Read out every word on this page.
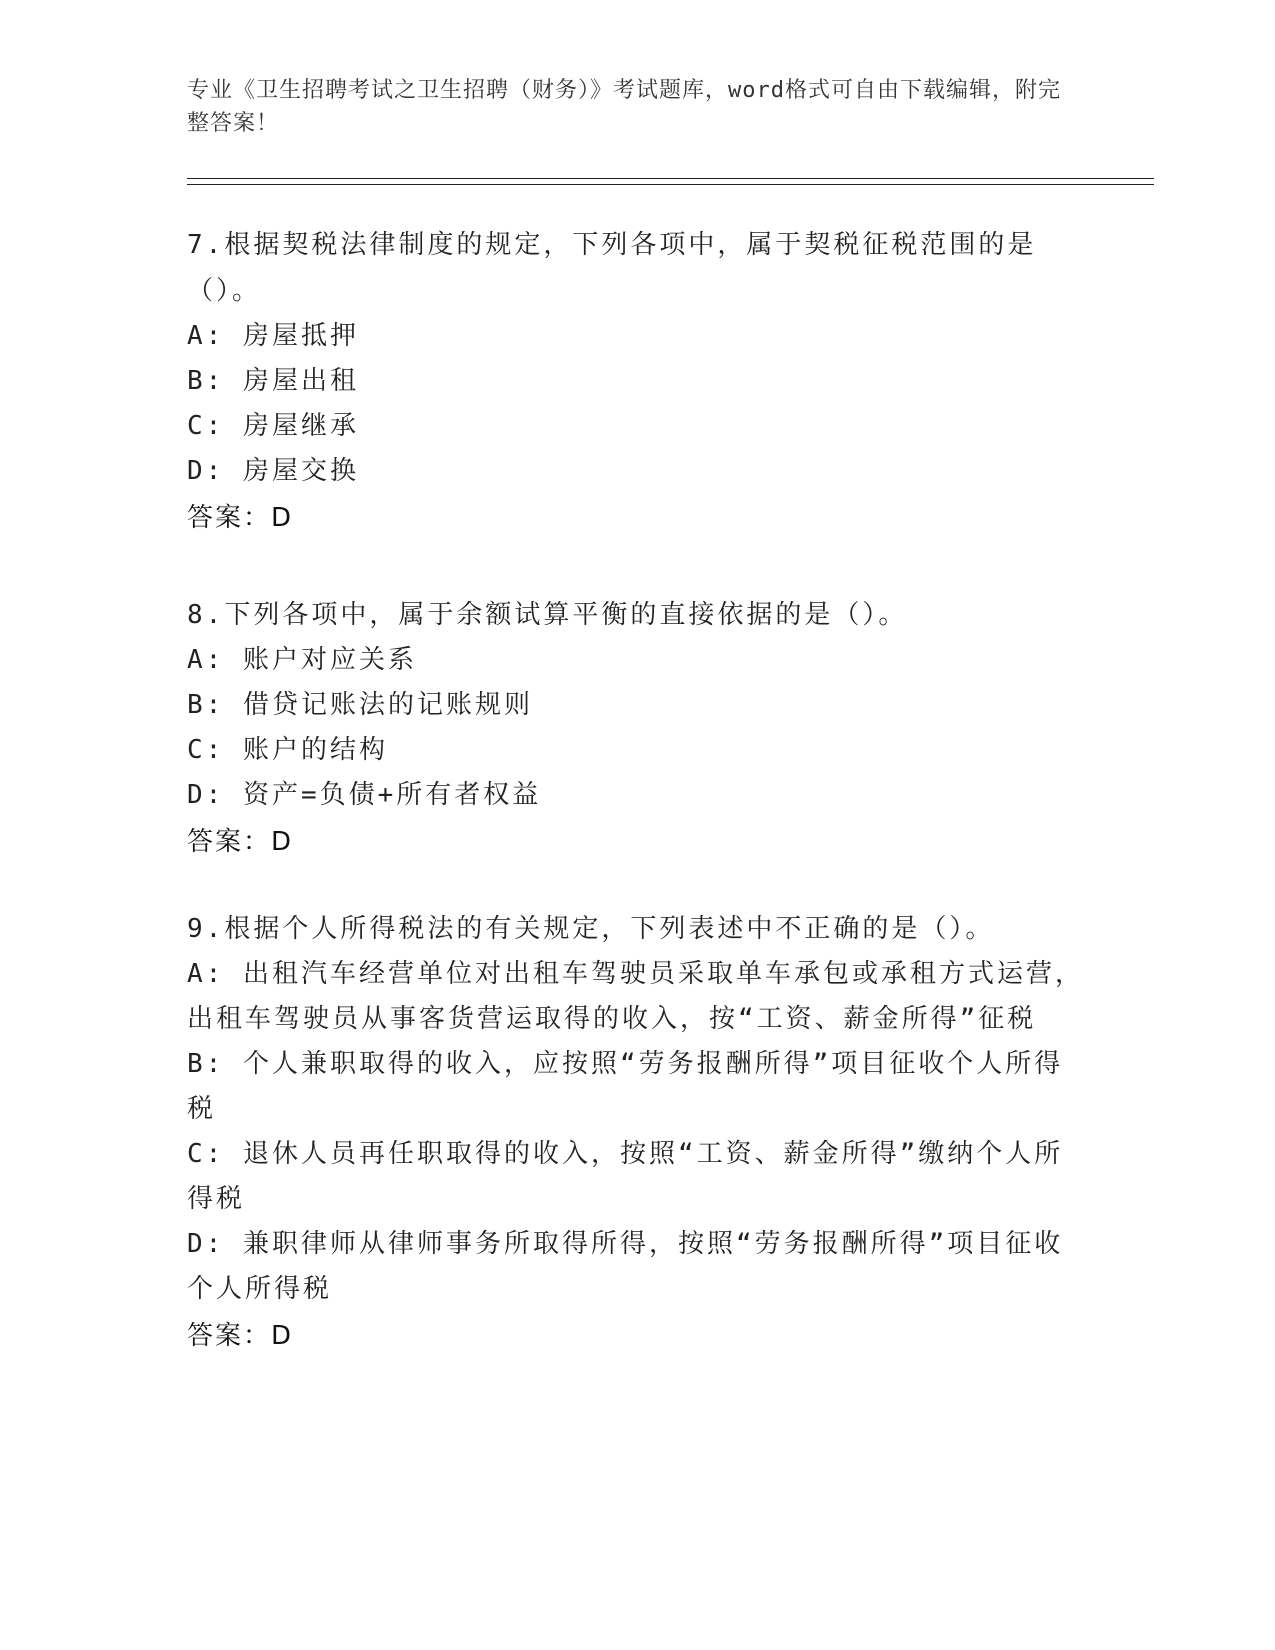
专业《卫生招聘考试之卫生招聘（财务）》考试题库，word格式可自由下载编辑，附完整答案！

7.根据契税法律制度的规定，下列各项中，属于契税征税范围的是（）。

A: 房屋抵押

B: 房屋出租

C: 房屋继承

D: 房屋交换

答案：D

8.下列各项中，属于余额试算平衡的直接依据的是（）。

A: 账户对应关系

B: 借贷记账法的记账规则

C: 账户的结构

D: 资产=负债+所有者权益

答案：D

9.根据个人所得税法的有关规定，下列表述中不正确的是（）。

A: 出租汽车经营单位对出租车驾驶员采取单车承包或承租方式运营，出租车驾驶员从事客货营运取得的收入，按“工资、薪金所得”征税

B: 个人兼职取得的收入，应按照“劳务报酬所得”项目征收个人所得税

C: 退休人员再任职取得的收入，按照“工资、薪金所得”缴纳个人所得税

D: 兼职律师从律师事务所取得所得，按照“劳务报酬所得”项目征收个人所得税

答案：D
